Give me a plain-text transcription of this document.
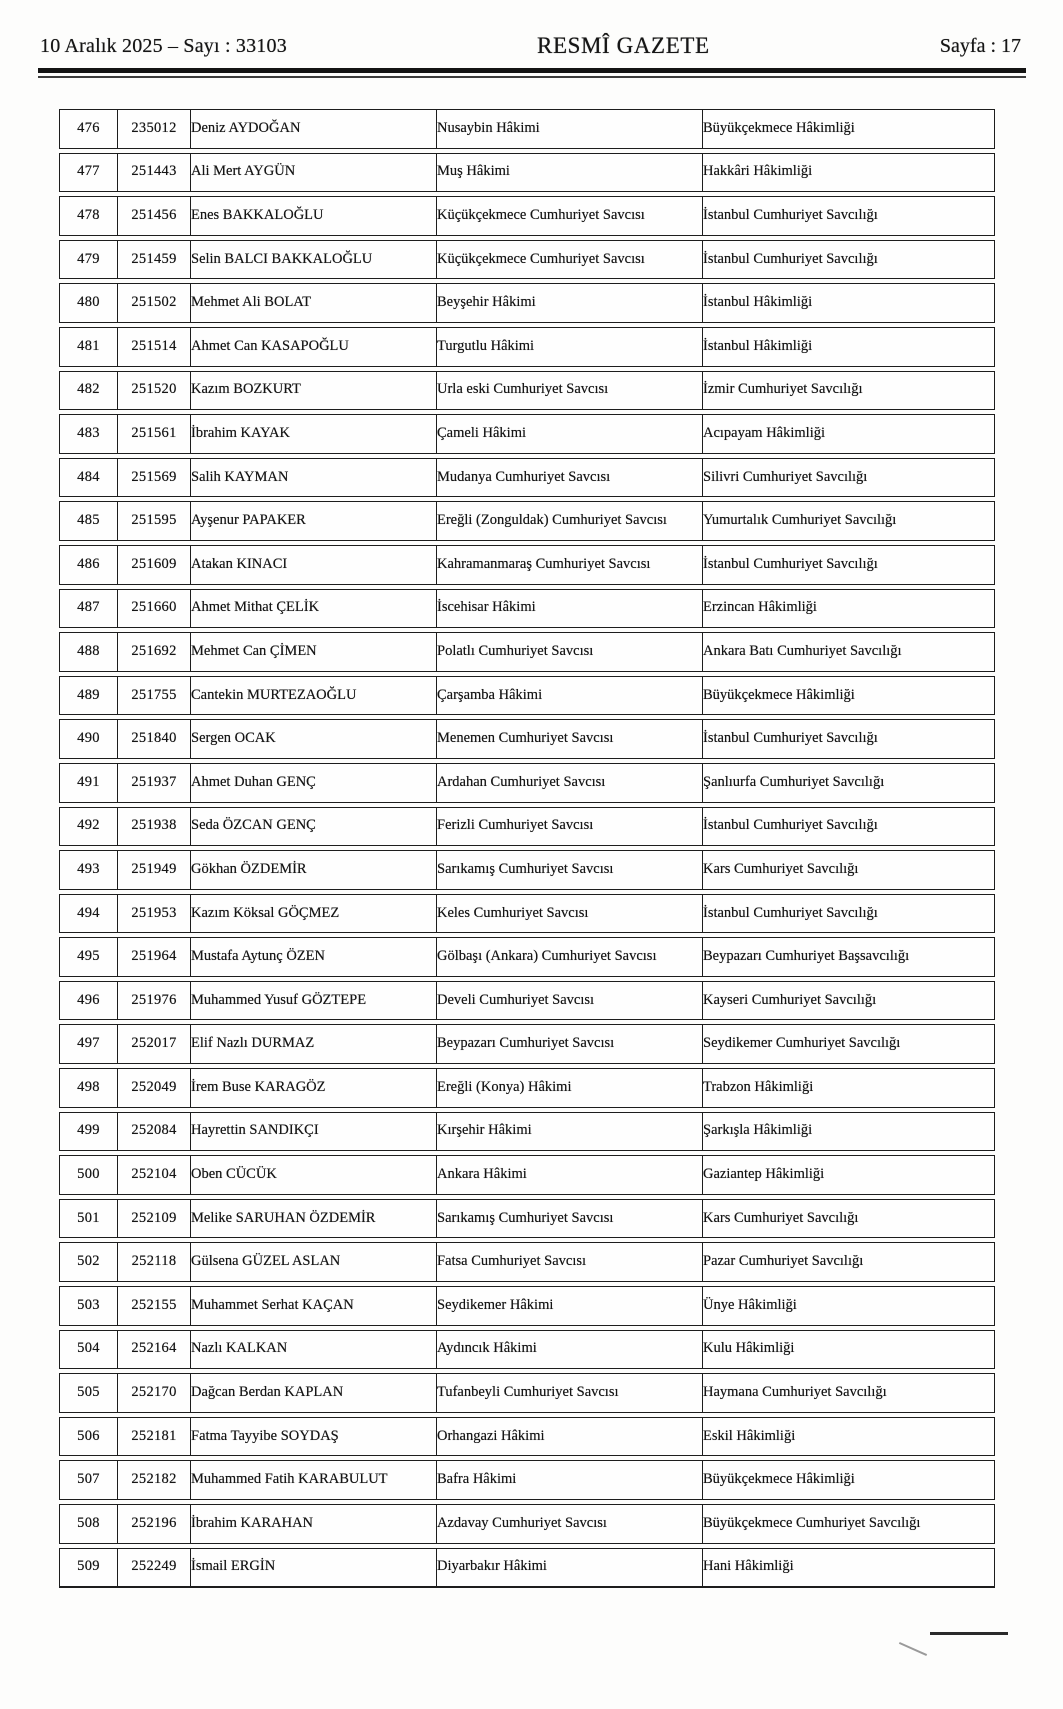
10 Aralık 2025 – Sayı : 33103	RESMÎ GAZETE	Sayfa : 17
476	235012	Deniz AYDOĞAN	Nusaybin Hâkimi	Büyükçekmece Hâkimliği
477	251443	Ali Mert AYGÜN	Muş Hâkimi	Hakkâri Hâkimliği
478	251456	Enes BAKKALOĞLU	Küçükçekmece Cumhuriyet Savcısı	İstanbul Cumhuriyet Savcılığı
479	251459	Selin BALCI BAKKALOĞLU	Küçükçekmece Cumhuriyet Savcısı	İstanbul Cumhuriyet Savcılığı
480	251502	Mehmet Ali BOLAT	Beyşehir Hâkimi	İstanbul Hâkimliği
481	251514	Ahmet Can KASAPOĞLU	Turgutlu Hâkimi	İstanbul Hâkimliği
482	251520	Kazım BOZKURT	Urla eski Cumhuriyet Savcısı	İzmir Cumhuriyet Savcılığı
483	251561	İbrahim KAYAK	Çameli Hâkimi	Acıpayam Hâkimliği
484	251569	Salih KAYMAN	Mudanya Cumhuriyet Savcısı	Silivri Cumhuriyet Savcılığı
485	251595	Ayşenur PAPAKER	Ereğli (Zonguldak) Cumhuriyet Savcısı	Yumurtalık Cumhuriyet Savcılığı
486	251609	Atakan KINACI	Kahramanmaraş Cumhuriyet Savcısı	İstanbul Cumhuriyet Savcılığı
487	251660	Ahmet Mithat ÇELİK	İscehisar Hâkimi	Erzincan Hâkimliği
488	251692	Mehmet Can ÇİMEN	Polatlı Cumhuriyet Savcısı	Ankara Batı Cumhuriyet Savcılığı
489	251755	Cantekin MURTEZAOĞLU	Çarşamba Hâkimi	Büyükçekmece Hâkimliği
490	251840	Sergen OCAK	Menemen Cumhuriyet Savcısı	İstanbul Cumhuriyet Savcılığı
491	251937	Ahmet Duhan GENÇ	Ardahan Cumhuriyet Savcısı	Şanlıurfa Cumhuriyet Savcılığı
492	251938	Seda ÖZCAN GENÇ	Ferizli Cumhuriyet Savcısı	İstanbul Cumhuriyet Savcılığı
493	251949	Gökhan ÖZDEMİR	Sarıkamış Cumhuriyet Savcısı	Kars Cumhuriyet Savcılığı
494	251953	Kazım Köksal GÖÇMEZ	Keles Cumhuriyet Savcısı	İstanbul Cumhuriyet Savcılığı
495	251964	Mustafa Aytunç ÖZEN	Gölbaşı (Ankara) Cumhuriyet Savcısı	Beypazarı Cumhuriyet Başsavcılığı
496	251976	Muhammed Yusuf GÖZTEPE	Develi Cumhuriyet Savcısı	Kayseri Cumhuriyet Savcılığı
497	252017	Elif Nazlı DURMAZ	Beypazarı Cumhuriyet Savcısı	Seydikemer Cumhuriyet Savcılığı
498	252049	İrem Buse KARAGÖZ	Ereğli (Konya) Hâkimi	Trabzon Hâkimliği
499	252084	Hayrettin SANDIKÇI	Kırşehir Hâkimi	Şarkışla Hâkimliği
500	252104	Oben CÜCÜK	Ankara Hâkimi	Gaziantep Hâkimliği
501	252109	Melike SARUHAN ÖZDEMİR	Sarıkamış Cumhuriyet Savcısı	Kars Cumhuriyet Savcılığı
502	252118	Gülsena GÜZEL ASLAN	Fatsa Cumhuriyet Savcısı	Pazar Cumhuriyet Savcılığı
503	252155	Muhammet Serhat KAÇAN	Seydikemer Hâkimi	Ünye Hâkimliği
504	252164	Nazlı KALKAN	Aydıncık Hâkimi	Kulu Hâkimliği
505	252170	Dağcan Berdan KAPLAN	Tufanbeyli Cumhuriyet Savcısı	Haymana Cumhuriyet Savcılığı
506	252181	Fatma Tayyibe SOYDAŞ	Orhangazi Hâkimi	Eskil Hâkimliği
507	252182	Muhammed Fatih KARABULUT	Bafra Hâkimi	Büyükçekmece Hâkimliği
508	252196	İbrahim KARAHAN	Azdavay Cumhuriyet Savcısı	Büyükçekmece Cumhuriyet Savcılığı
509	252249	İsmail ERGİN	Diyarbakır Hâkimi	Hani Hâkimliği
